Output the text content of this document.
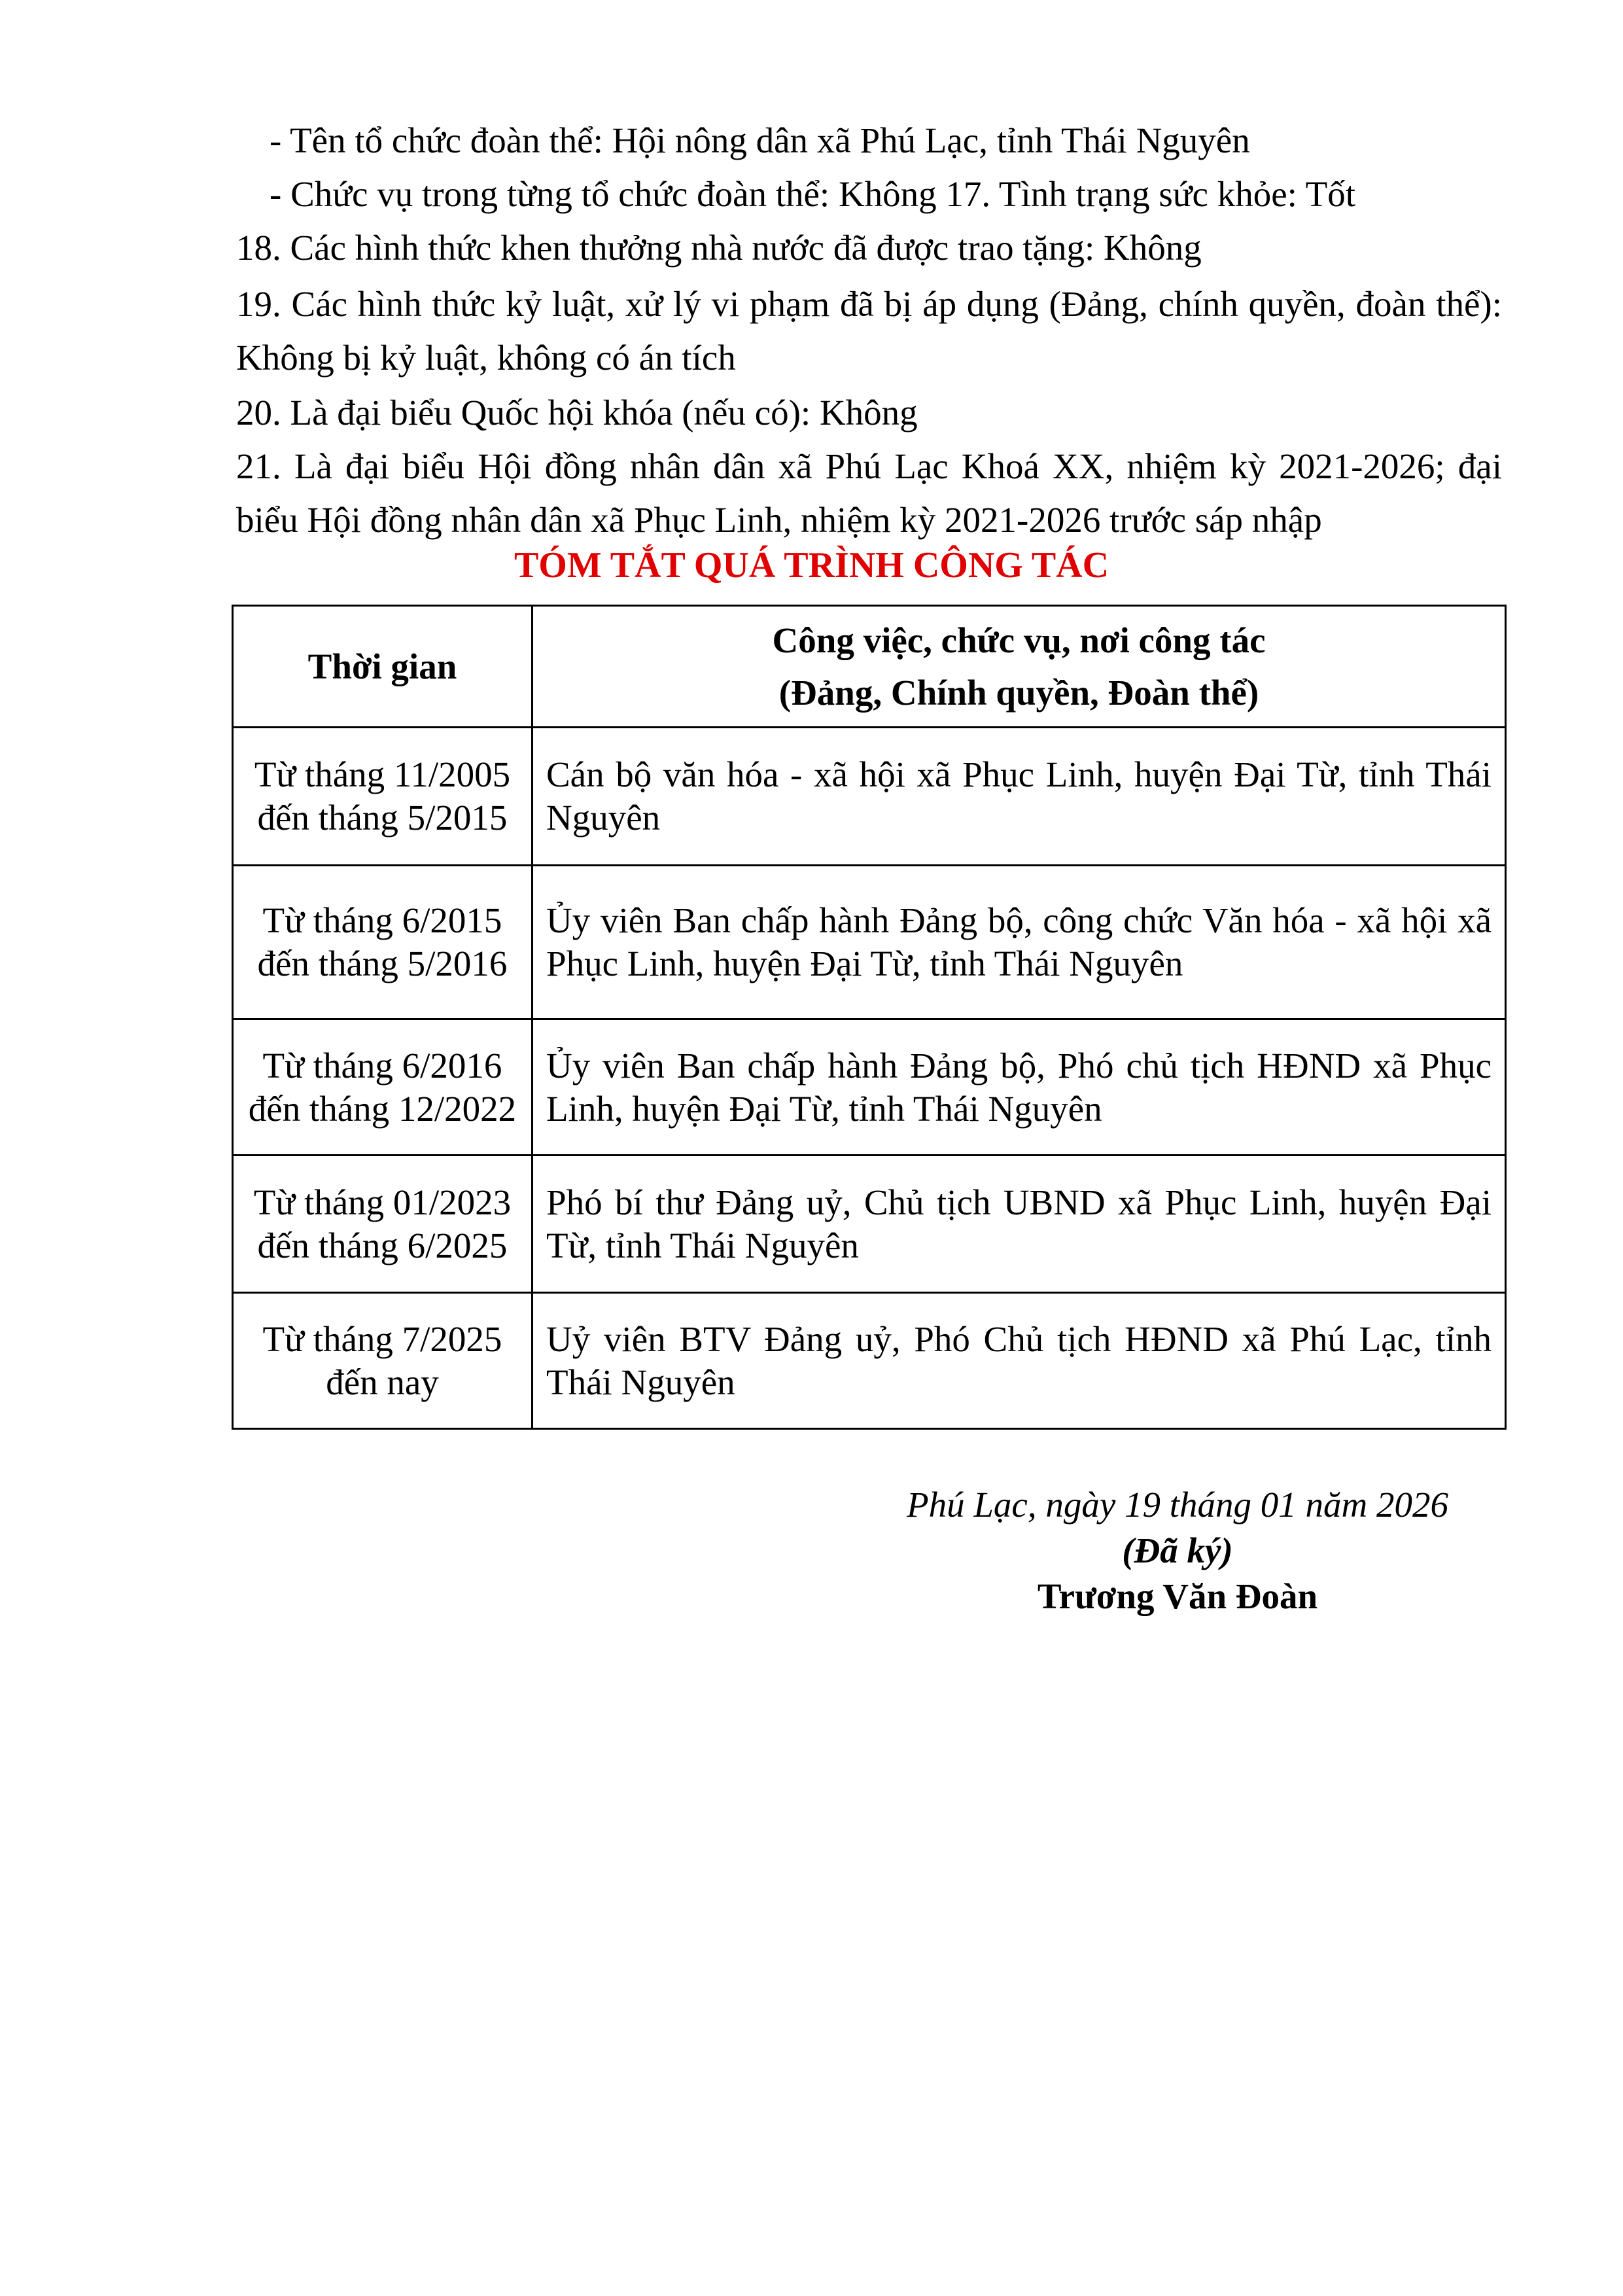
- Tên tổ chức đoàn thể: Hội nông dân xã Phú Lạc, tỉnh Thái Nguyên
- Chức vụ trong từng tổ chức đoàn thể: Không 17. Tình trạng sức khỏe: Tốt
18. Các hình thức khen thưởng nhà nước đã được trao tặng: Không
19. Các hình thức kỷ luật, xử lý vi phạm đã bị áp dụng (Đảng, chính quyền, đoàn thể): Không bị kỷ luật, không có án tích
20. Là đại biểu Quốc hội khóa (nếu có): Không
21. Là đại biểu Hội đồng nhân dân xã Phú Lạc Khoá XX, nhiệm kỳ 2021-2026; đại biểu Hội đồng nhân dân xã Phục Linh, nhiệm kỳ 2021-2026 trước sáp nhập
TÓM TẮT QUÁ TRÌNH CÔNG TÁC
Thời gian	Công việc, chức vụ, nơi công tác
(Đảng, Chính quyền, Đoàn thể)

Từ tháng 11/2005
đến tháng 5/2015	Cán bộ văn hóa - xã hội xã Phục Linh, huyện Đại Từ, tỉnh Thái Nguyên

Từ tháng 6/2015
đến tháng 5/2016	Ủy viên Ban chấp hành Đảng bộ, công chức Văn hóa - xã hội xã Phục Linh, huyện Đại Từ, tỉnh Thái Nguyên

Từ tháng 6/2016
đến tháng 12/2022	Ủy viên Ban chấp hành Đảng bộ, Phó chủ tịch HĐND xã Phục Linh, huyện Đại Từ, tỉnh Thái Nguyên

Từ tháng 01/2023
đến tháng 6/2025	Phó bí thư Đảng uỷ, Chủ tịch UBND xã Phục Linh, huyện Đại Từ, tỉnh Thái Nguyên

Từ tháng 7/2025
đến nay	Uỷ viên BTV Đảng uỷ, Phó Chủ tịch HĐND xã Phú Lạc, tỉnh Thái Nguyên
Phú Lạc, ngày 19 tháng 01 năm 2026
(Đã ký)
Trương Văn Đoàn
